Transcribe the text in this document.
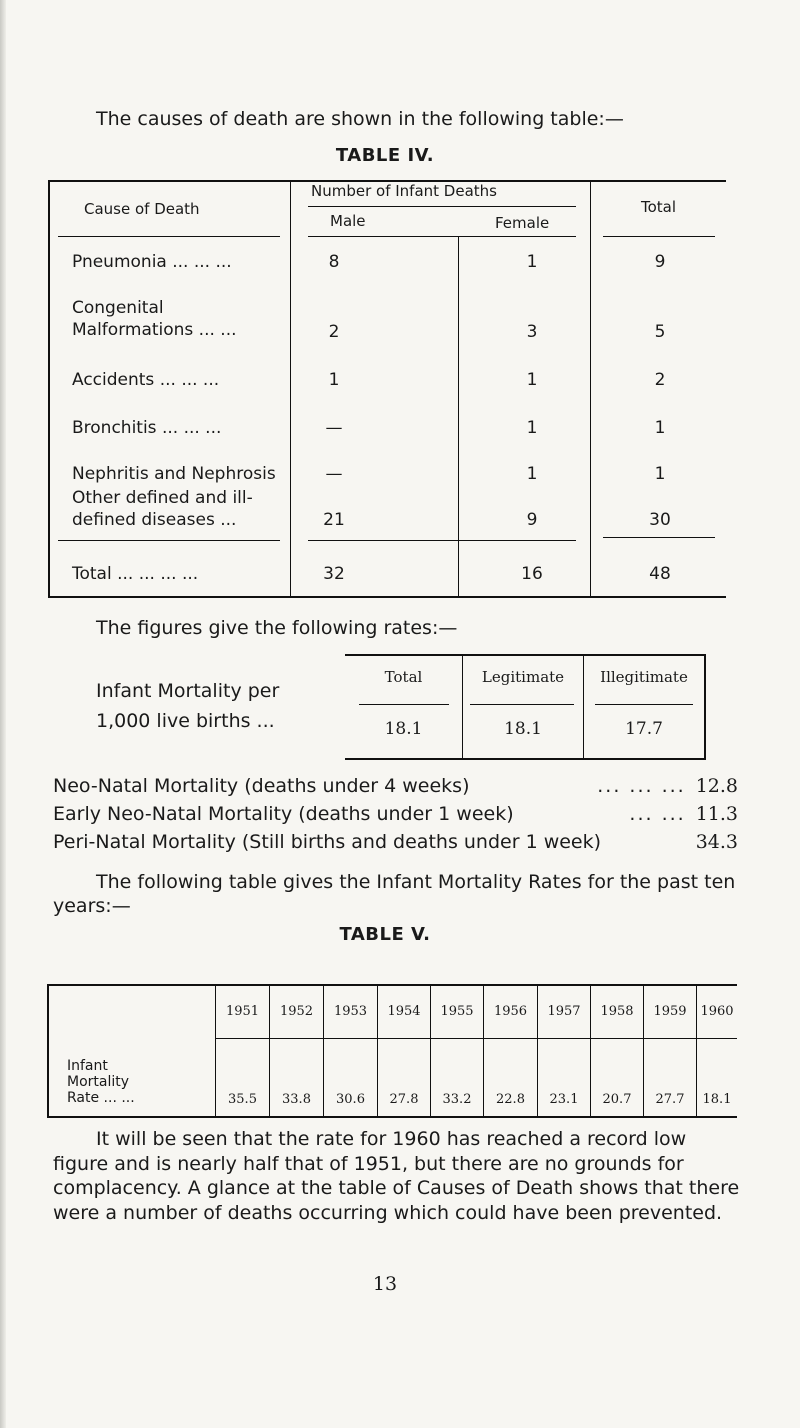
The causes of death are shown in the following table:—
TABLE IV.
Cause of Death
Number of Infant Deaths
Male	Female
Total
Pneumonia ... ... ...	8	1	9
Congenital
Malformations ... ...	2	3	5
Accidents ... ... ...	1	1	2
Bronchitis ... ... ...	—	1	1
Nephritis and Nephrosis	—	1	1
Other defined and ill-
defined diseases ...	21	9	30
Total ... ... ... ...	32	16	48
The figures give the following rates:—
Infant Mortality per
1,000 live births ...
Total	Legitimate	Illegitimate
18.1	18.1	17.7
Neo-Natal Mortality (deaths under 4 weeks)	... ... ... 12.8
Early Neo-Natal Mortality (deaths under 1 week)	... ... 11.3
Peri-Natal Mortality (Still births and deaths under 1 week)	34.3
The following table gives the Infant Mortality Rates for the past ten years:—
TABLE V.
Infant
Mortality
Rate ... ...
1951	1952	1953	1954	1955	1956	1957	1958	1959	1960
35.5	33.8	30.6	27.8	33.2	22.8	23.1	20.7	27.7	18.1
It will be seen that the rate for 1960 has reached a record low figure and is nearly half that of 1951, but there are no grounds for complacency. A glance at the table of Causes of Death shows that there were a number of deaths occurring which could have been prevented.
13
